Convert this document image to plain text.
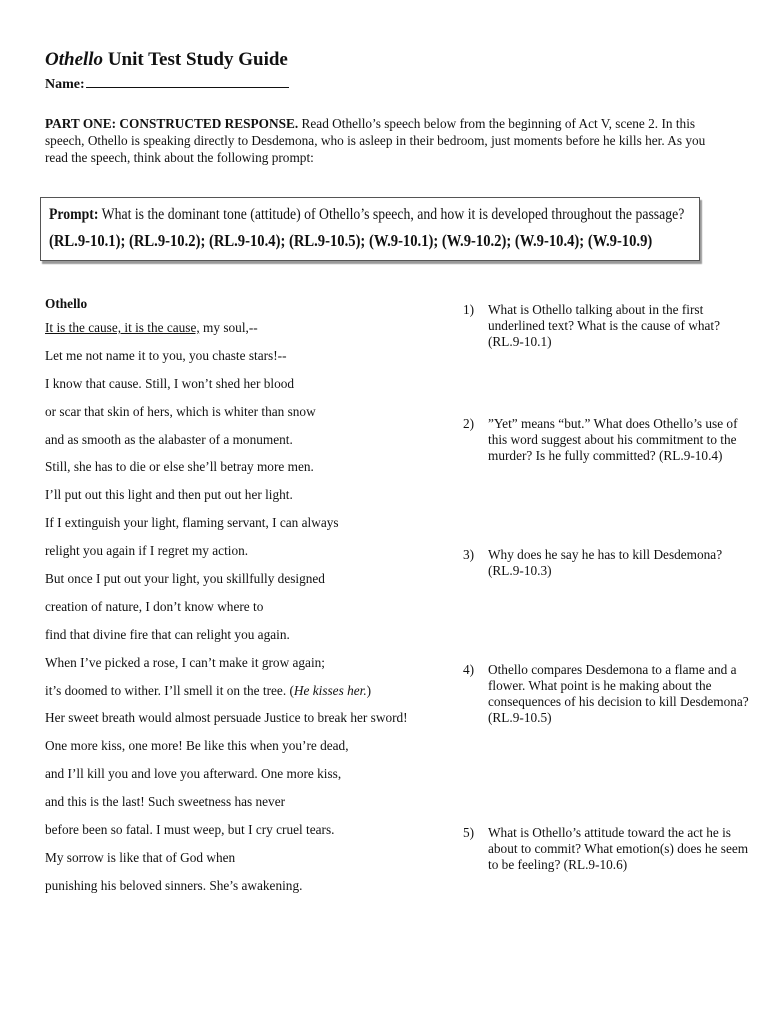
Othello Unit Test Study Guide
Name:
PART ONE: CONSTRUCTED RESPONSE. Read Othello’s speech below from the beginning of Act V, scene 2. In this speech, Othello is speaking directly to Desdemona, who is asleep in their bedroom, just moments before he kills her. As you read the speech, think about the following prompt:
Prompt: What is the dominant tone (attitude) of Othello’s speech, and how it is developed throughout the passage?
(RL.9-10.1); (RL.9-10.2); (RL.9-10.4); (RL.9-10.5); (W.9-10.1); (W.9-10.2); (W.9-10.4); (W.9-10.9)
Othello
It is the cause, it is the cause, my soul,--
Let me not name it to you, you chaste stars!--
I know that cause. Still, I won’t shed her blood
or scar that skin of hers, which is whiter than snow
and as smooth as the alabaster of a monument.
Still, she has to die or else she’ll betray more men.
I’ll put out this light and then put out her light.
If I extinguish your light, flaming servant, I can always
relight you again if I regret my action.
But once I put out your light, you skillfully designed
creation of nature, I don’t know where to
find that divine fire that can relight you again.
When I’ve picked a rose, I can’t make it grow again;
it’s doomed to wither. I’ll smell it on the tree. (He kisses her.)
Her sweet breath would almost persuade Justice to break her sword!
One more kiss, one more! Be like this when you’re dead,
and I’ll kill you and love you afterward. One more kiss,
and this is the last! Such sweetness has never
before been so fatal. I must weep, but I cry cruel tears.
My sorrow is like that of God when
punishing his beloved sinners. She’s awakening.
1) What is Othello talking about in the first underlined text? What is the cause of what? (RL.9-10.1)
2) ”Yet” means “but.” What does Othello’s use of this word suggest about his commitment to the murder? Is he fully committed? (RL.9-10.4)
3) Why does he say he has to kill Desdemona? (RL.9-10.3)
4) Othello compares Desdemona to a flame and a flower. What point is he making about the consequences of his decision to kill Desdemona? (RL.9-10.5)
5) What is Othello’s attitude toward the act he is about to commit? What emotion(s) does he seem to be feeling? (RL.9-10.6)
